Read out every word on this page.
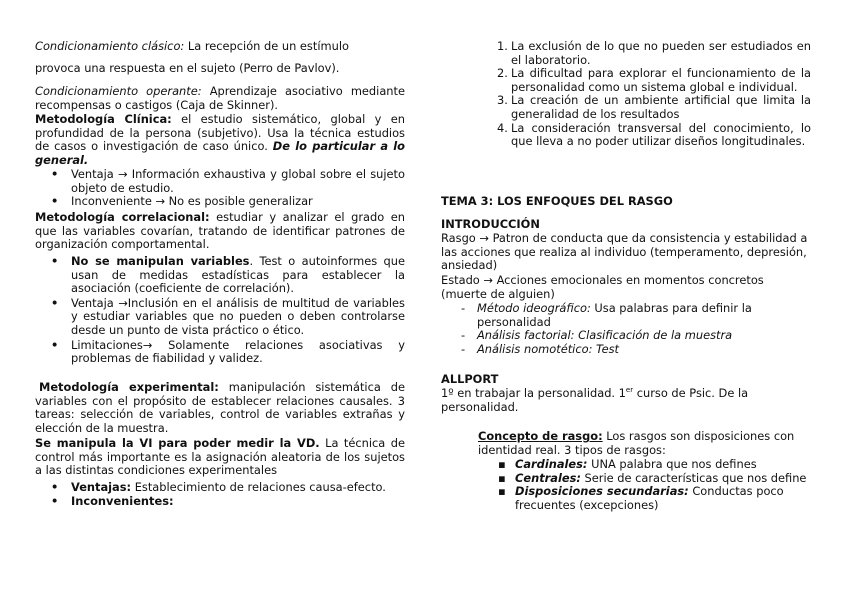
Condicionamiento clásico: La recepción de un estímulo
provoca una respuesta en el sujeto (Perro de Pavlov).
Condicionamiento operante: Aprendizaje asociativo mediante recompensas o castigos (Caja de Skinner).
Metodología Clínica: el estudio sistemático, global y en profundidad de la persona (subjetivo). Usa la técnica estudios de casos o investigación de caso único. De lo particular a lo general.
• Ventaja → Información exhaustiva y global sobre el sujeto objeto de estudio.
• Inconveniente → No es posible generalizar
Metodología correlacional: estudiar y analizar el grado en que las variables covarían, tratando de identificar patrones de organización comportamental.
• No se manipulan variables. Test o autoinformes que usan de medidas estadísticas para establecer la asociación (coeficiente de correlación).
• Ventaja →Inclusión en el análisis de multitud de variables y estudiar variables que no pueden o deben controlarse desde un punto de vista práctico o ético.
• Limitaciones→ Solamente relaciones asociativas y problemas de fiabilidad y validez.
Metodología experimental: manipulación sistemática de variables con el propósito de establecer relaciones causales. 3 tareas: selección de variables, control de variables extrañas y elección de la muestra.
Se manipula la VI para poder medir la VD. La técnica de control más importante es la asignación aleatoria de los sujetos a las distintas condiciones experimentales
• Ventajas: Establecimiento de relaciones causa-efecto.
• Inconvenientes:
1. La exclusión de lo que no pueden ser estudiados en el laboratorio.
2. La dificultad para explorar el funcionamiento de la personalidad como un sistema global e individual.
3. La creación de un ambiente artificial que limita la generalidad de los resultados
4. La consideración transversal del conocimiento, lo que lleva a no poder utilizar diseños longitudinales.
TEMA 3: LOS ENFOQUES DEL RASGO
INTRODUCCIÓN
Rasgo → Patron de conducta que da consistencia y estabilidad a las acciones que realiza al individuo (temperamento, depresión, ansiedad)
Estado → Acciones emocionales en momentos concretos (muerte de alguien)
- Método ideográfico: Usa palabras para definir la personalidad
- Análisis factorial: Clasificación de la muestra
- Análisis nomotético: Test
ALLPORT
1º en trabajar la personalidad. 1er curso de Psic. De la personalidad.
Concepto de rasgo: Los rasgos son disposiciones con identidad real. 3 tipos de rasgos:
▪ Cardinales: UNA palabra que nos defines
▪ Centrales: Serie de características que nos define
▪ Disposiciones secundarias: Conductas poco frecuentes (excepciones)
